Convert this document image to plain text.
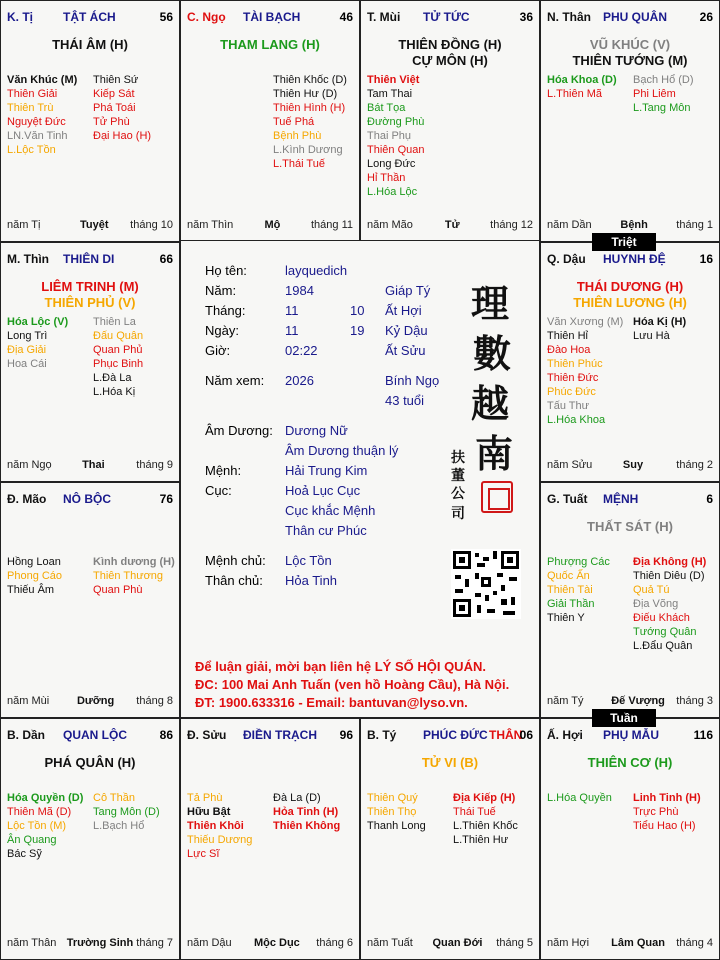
K. Tị	TẬT ÁCH	56
THÁI ÂM (H)
Văn Khúc (M)
Thiên Giải
Thiên Trù
Nguyệt Đức
LN.Văn Tinh
L.Lộc Tồn
Thiên Sứ
Kiếp Sát
Phá Toái
Tử Phù
Đại Hao (H)
năm Tị	Tuyệt tháng 10
C. Ngọ TÀI BẠCH	46
THAM LANG (H)
Thiên Khốc (D)
Thiên Hư (D)
Thiên Hình (H)
Tuế Phá
Bệnh Phù
L.Kình Dương
L.Thái Tuế
năm Thìn	Mộ	tháng 11
T. Mùi TỬ TỨC	36
THIÊN ĐỒNG (H)
CỰ MÔN (H)
Thiên Việt
Tam Thai
Bát Tọa
Đường Phù
Thai Phụ
Thiên Quan
Long Đức
Hỉ Thần
L.Hóa Lộc
năm Mão	Tử	tháng 12
N. Thân PHU QUÂN	26
VŨ KHÚC (V)
THIÊN TƯỚNG (M)
Hóa Khoa (D)
L.Thiên Mã
Bạch Hổ (D)
Phi Liêm
L.Tang Môn
năm Dần	Bệnh	tháng 1
Q. Dậu HUYNH ĐỆ	16
THÁI DƯƠNG (H)
THIÊN LƯƠNG (H)
Văn Xương (M)
Thiên Hỉ
Đào Hoa
Thiên Phúc
Thiên Đức
Phúc Đức
Tấu Thư
L.Hóa Khoa
Hóa Kị (H)
Lưu Hà
năm Sửu	Suy	tháng 2
G. Tuất MỆNH	6
THẤT SÁT (H)
Phượng Các
Quốc Ấn
Thiên Tài
Giải Thần
Thiên Y
Địa Không (H)
Thiên Diêu (D)
Quả Tú
Địa Võng
Điếu Khách
Tướng Quân
L.Đẩu Quân
năm Tý	Đế Vượng tháng 3
Ấ. Hợi PHỤ MẪU	116
THIÊN CƠ (H)
L.Hóa Quyền Linh Tinh (H)
Trực Phù
Tiểu Hao (H)
năm Hợi Lâm Quan tháng 4
B. Tý PHÚC ĐỨC THÂN
06
TỬ VI (B)
Thiên Quý
Thiên Thọ
Thanh Long
Địa Kiếp (H)
Thái Tuế
L.Thiên Khốc
L.Thiên Hư
năm Tuất Quan Đới tháng 5
Đ. Sửu ĐIỀN TRẠCH 96
Tả Phù
Hữu Bật
Thiên Khôi
Thiếu Dương
Lực Sĩ
Đà La (D)
Hỏa Tinh (H)
Thiên Không
năm Dậu Mộc Dục tháng 6
B. Dần QUAN LỘC	86
PHÁ QUÂN (H)
Hóa Quyền (D)
Thiên Mã (D)
Lộc Tồn (M)
Ân Quang
Bác Sỹ
Cô Thần
Tang Môn (D)
L.Bạch Hổ
năm Thân Trường Sinh tháng 7
Đ. Mão NÔ BỘC	76
Hồng Loan
Phong Cáo
Thiếu Âm
Kình dương (H)
Thiên Thương
Quan Phù
năm Mùi	Dưỡng tháng 8
M. Thìn THIÊN DI	66
LIÊM TRINH (M)
THIÊN PHỦ (V)
Hóa Lộc (V)
Long Trì
Địa Giải
Hoa Cái
Thiên La
Đấu Quân
Quan Phủ
Phục Binh
L.Đà La
L.Hóa Kị
năm Ngọ	Thai	tháng 9
Họ tên:	layquedich
Năm:	1984	Giáp Tý
Tháng:	11	10 Ất Hợi
Ngày:	11	19 Kỷ Dậu
Giờ:	02:22	Ất Sửu
Năm xem: 2026	Bính Ngọ
43 tuổi
Âm Dương: Dương Nữ
Âm Dương thuận lý
Mệnh:	Hải Trung Kim
Cục:	Hoả Lục Cục
Cục khắc Mệnh
Thân cư Phúc
Mệnh chủ: Lộc Tồn
Thân chủ: Hỏa Tinh
理
數
越
南
扶
董
公
司
Để luận giải, mời bạn liên hệ LÝ SỐ HỘI QUÁN.
ĐC: 100 Mai Anh Tuấn (ven hồ Hoàng Cầu), Hà Nội.
ĐT: 1900.633316 - Email: bantuvan@lyso.vn.
Triệt
Tuần
